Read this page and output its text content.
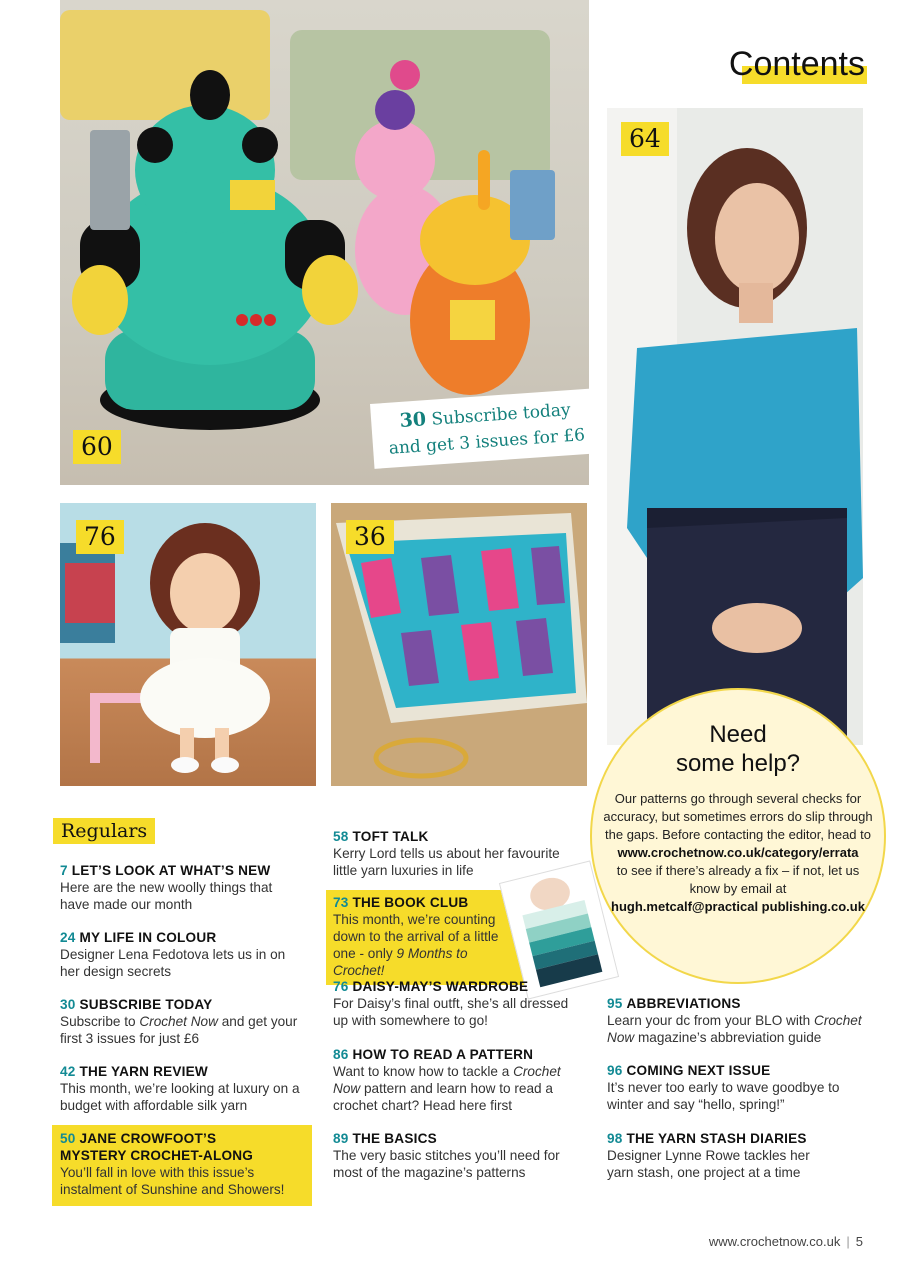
Contents
60
30 Subscribe today
and get 3 issues for £6
64
76	36
Regulars
7 LET’S LOOK AT WHAT’S NEW
Here are the new woolly things that have made our month
24 MY LIFE IN COLOUR
Designer Lena Fedotova lets us in on her design secrets
30 SUBSCRIBE TODAY
Subscribe to Crochet Now and get your first 3 issues for just £6
42 THE YARN REVIEW
This month, we’re looking at luxury on a budget with affordable silk yarn
50 JANE CROWFOOT’S
MYSTERY CROCHET-ALONG
You’ll fall in love with this issue’s instalment of Sunshine and Showers!
58 TOFT TALK
Kerry Lord tells us about her favourite little yarn luxuries in life
73 THE BOOK CLUB
This month, we’re counting down to the arrival of a little one - only 9 Months to Crochet!
76 DAISY-MAY’S WARDROBE
For Daisy’s final outft, she’s all dressed up with somewhere to go!
86 HOW TO READ A PATTERN
Want to know how to tackle a Crochet Now pattern and learn how to read a crochet chart? Head here first
89 THE BASICS
The very basic stitches you’ll need for most of the magazine’s patterns
95 ABBREVIATIONS
Learn your dc from your BLO with Crochet Now magazine’s abbreviation guide
96 COMING NEXT ISSUE
It’s never too early to wave goodbye to winter and say “hello, spring!”
98 THE YARN STASH DIARIES
Designer Lynne Rowe tackles her yarn stash, one project at a time
Need
some help?

Our patterns go through several checks for accuracy, but sometimes errors do slip through the gaps. Before contacting the editor, head to
www.crochetnow.co.uk/category/errata
to see if there’s already a fix – if not, let us know by email at
hugh.metcalf@practical publishing.co.uk

www.crochetnow.co.uk | 5
